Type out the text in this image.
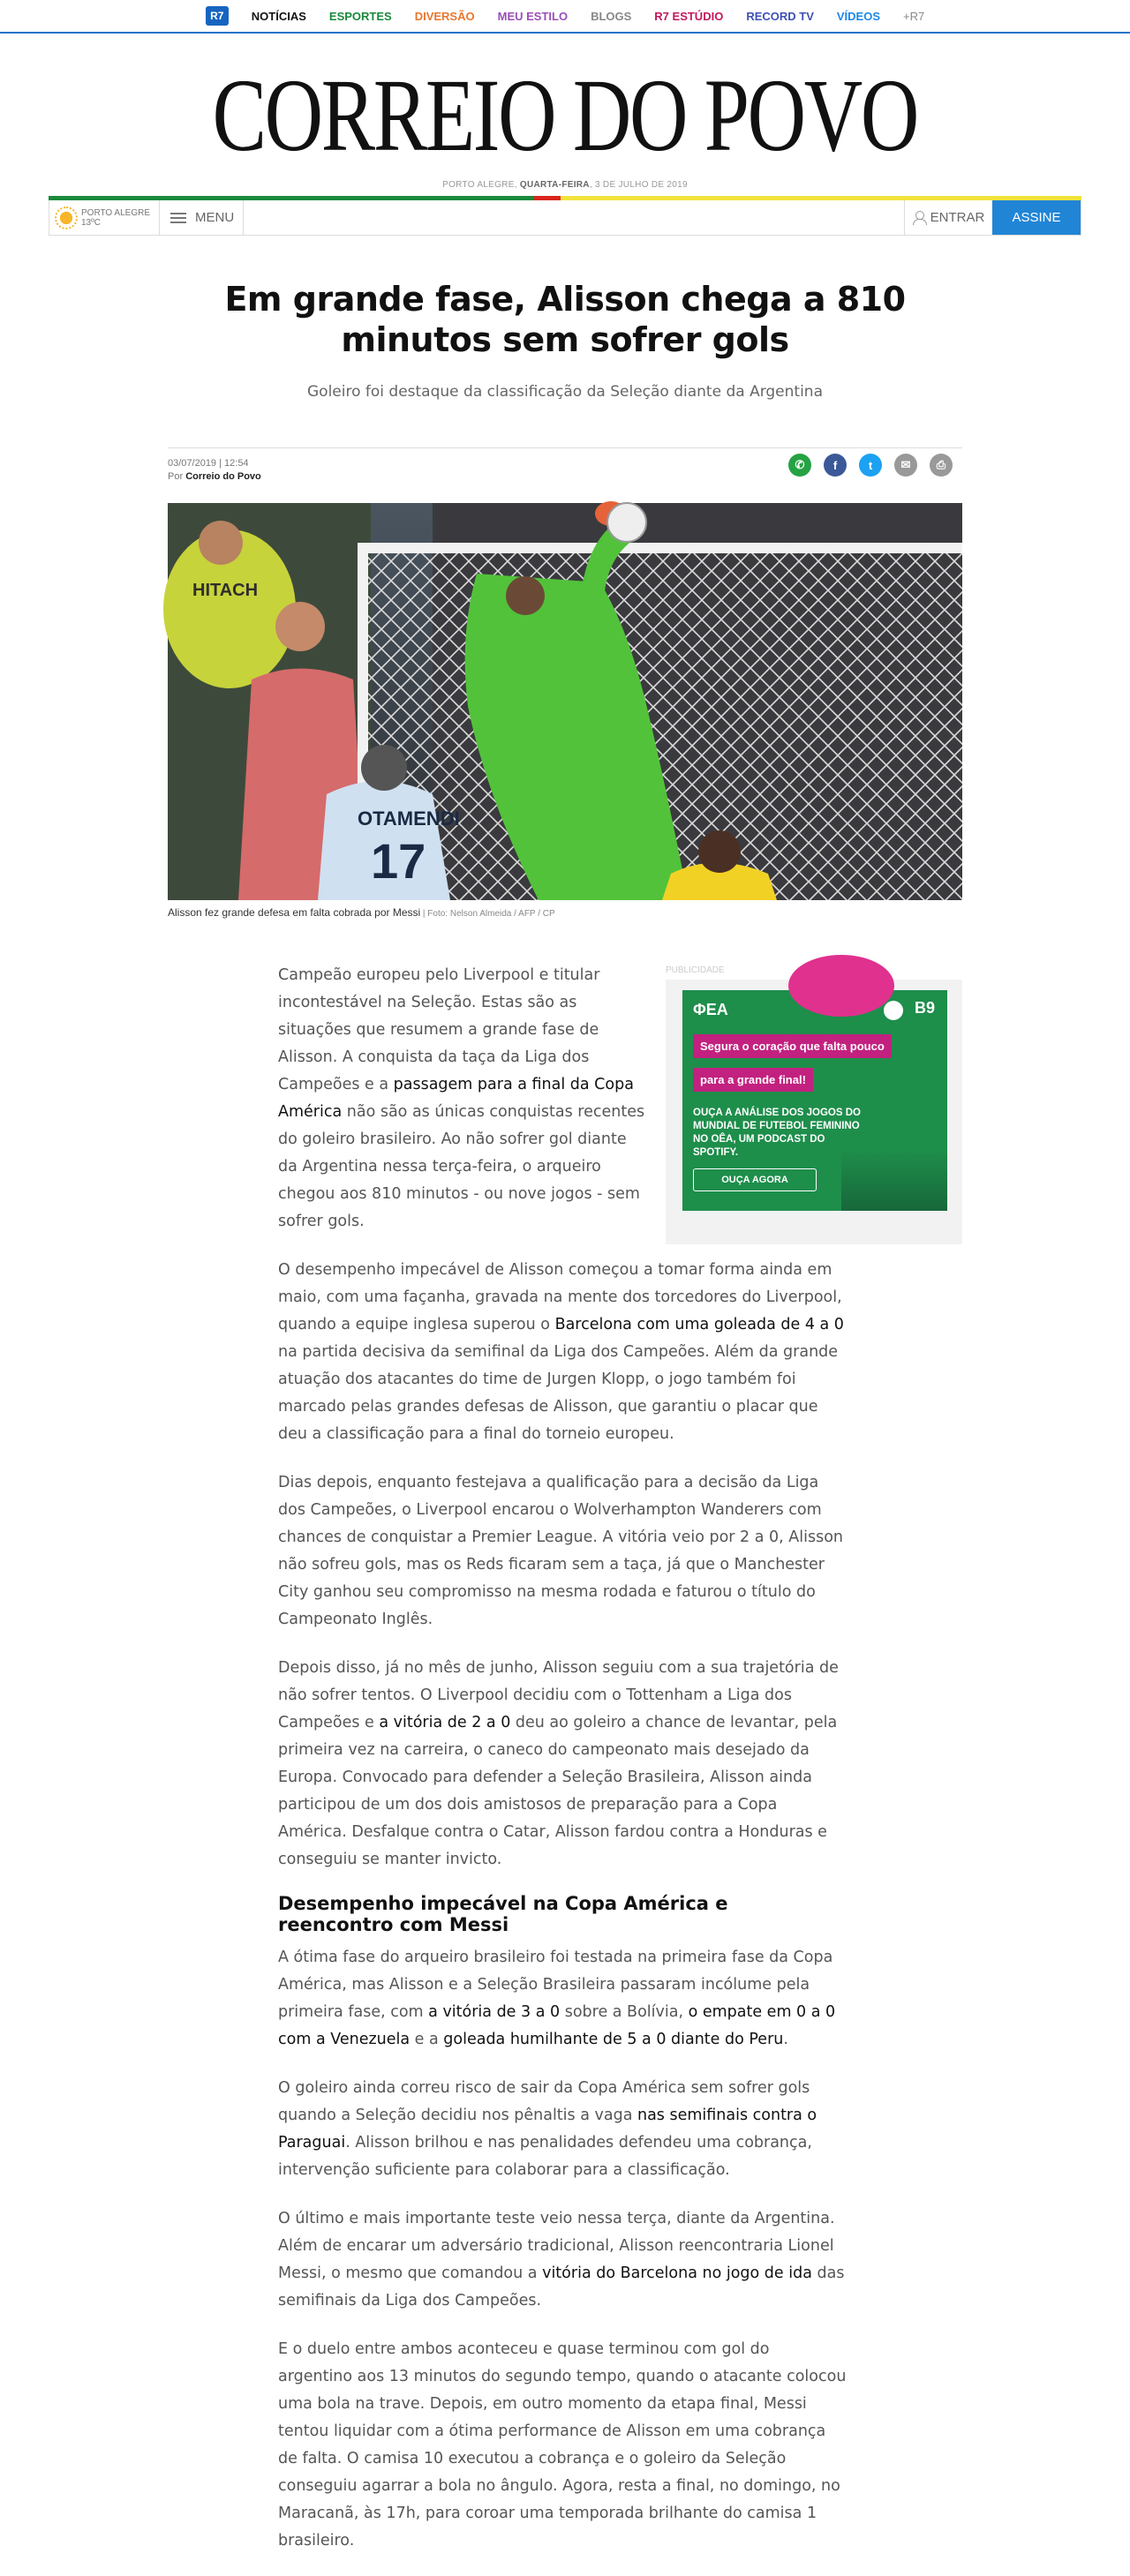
R7	NOTÍCIAS ESPORTES DIVERSÃO MEU ESTILO BLOGS R7 ESTÚDIO RECORD TV VÍDEOS +R7
CORREIO DO POVO
PORTO ALEGRE, QUARTA-FEIRA, 3 DE JULHO DE 2019
PORTO ALEGRE
13ºC	MENU	ENTRAR	ASSINE
Em grande fase, Alisson chega a 810 minutos sem sofrer gols
Goleiro foi destaque da classificação da Seleção diante da Argentina
03/07/2019 | 12:54
Por Correio do Povo
✆	f	t	✉	⎙
OTAMENDI
17
HITACH
Alisson fez grande defesa em falta cobrada por Messi | Foto: Nelson Almeida / AFP / CP
PUBLICIDADE
ΦEA	B9
Segura o coração que falta pouco
para a grande final!
OUÇA A ANÁLISE DOS JOGOS DO MUNDIAL DE FUTEBOL FEMININO NO OÊA, UM PODCAST DO SPOTIFY.
OUÇA AGORA

Campeão europeu pelo Liverpool e titular incontestável na Seleção. Estas são as situações que resumem a grande fase de Alisson. A conquista da taça da Liga dos Campeões e a passagem para a final da Copa América não são as únicas conquistas recentes do goleiro brasileiro. Ao não sofrer gol diante da Argentina nessa terça-feira, o arqueiro chegou aos 810 minutos - ou nove jogos - sem sofrer gols.

O desempenho impecável de Alisson começou a tomar forma ainda em maio, com uma façanha, gravada na mente dos torcedores do Liverpool, quando a equipe inglesa superou o Barcelona com uma goleada de 4 a 0 na partida decisiva da semifinal da Liga dos Campeões. Além da grande atuação dos atacantes do time de Jurgen Klopp, o jogo também foi marcado pelas grandes defesas de Alisson, que garantiu o placar que deu a classificação para a final do torneio europeu.

Dias depois, enquanto festejava a qualificação para a decisão da Liga dos Campeões, o Liverpool encarou o Wolverhampton Wanderers com chances de conquistar a Premier League. A vitória veio por 2 a 0, Alisson não sofreu gols, mas os Reds ficaram sem a taça, já que o Manchester City ganhou seu compromisso na mesma rodada e faturou o título do Campeonato Inglês.

Depois disso, já no mês de junho, Alisson seguiu com a sua trajetória de não sofrer tentos. O Liverpool decidiu com o Tottenham a Liga dos Campeões e a vitória de 2 a 0 deu ao goleiro a chance de levantar, pela primeira vez na carreira, o caneco do campeonato mais desejado da Europa. Convocado para defender a Seleção Brasileira, Alisson ainda participou de um dos dois amistosos de preparação para a Copa América. Desfalque contra o Catar, Alisson fardou contra a Honduras e conseguiu se manter invicto.

Desempenho impecável na Copa América e reencontro com Messi

A ótima fase do arqueiro brasileiro foi testada na primeira fase da Copa América, mas Alisson e a Seleção Brasileira passaram incólume pela primeira fase, com a vitória de 3 a 0 sobre a Bolívia, o empate em 0 a 0 com a Venezuela e a goleada humilhante de 5 a 0 diante do Peru.

O goleiro ainda correu risco de sair da Copa América sem sofrer gols quando a Seleção decidiu nos pênaltis a vaga nas semifinais contra o Paraguai. Alisson brilhou e nas penalidades defendeu uma cobrança, intervenção suficiente para colaborar para a classificação.

O último e mais importante teste veio nessa terça, diante da Argentina. Além de encarar um adversário tradicional, Alisson reencontraria Lionel Messi, o mesmo que comandou a vitória do Barcelona no jogo de ida das semifinais da Liga dos Campeões.

E o duelo entre ambos aconteceu e quase terminou com gol do argentino aos 13 minutos do segundo tempo, quando o atacante colocou uma bola na trave. Depois, em outro momento da etapa final, Messi tentou liquidar com a ótima performance de Alisson em uma cobrança de falta. O camisa 10 executou a cobrança e o goleiro da Seleção conseguiu agarrar a bola no ângulo. Agora, resta a final, no domingo, no Maracanã, às 17h, para coroar uma temporada brilhante do camisa 1 brasileiro.
